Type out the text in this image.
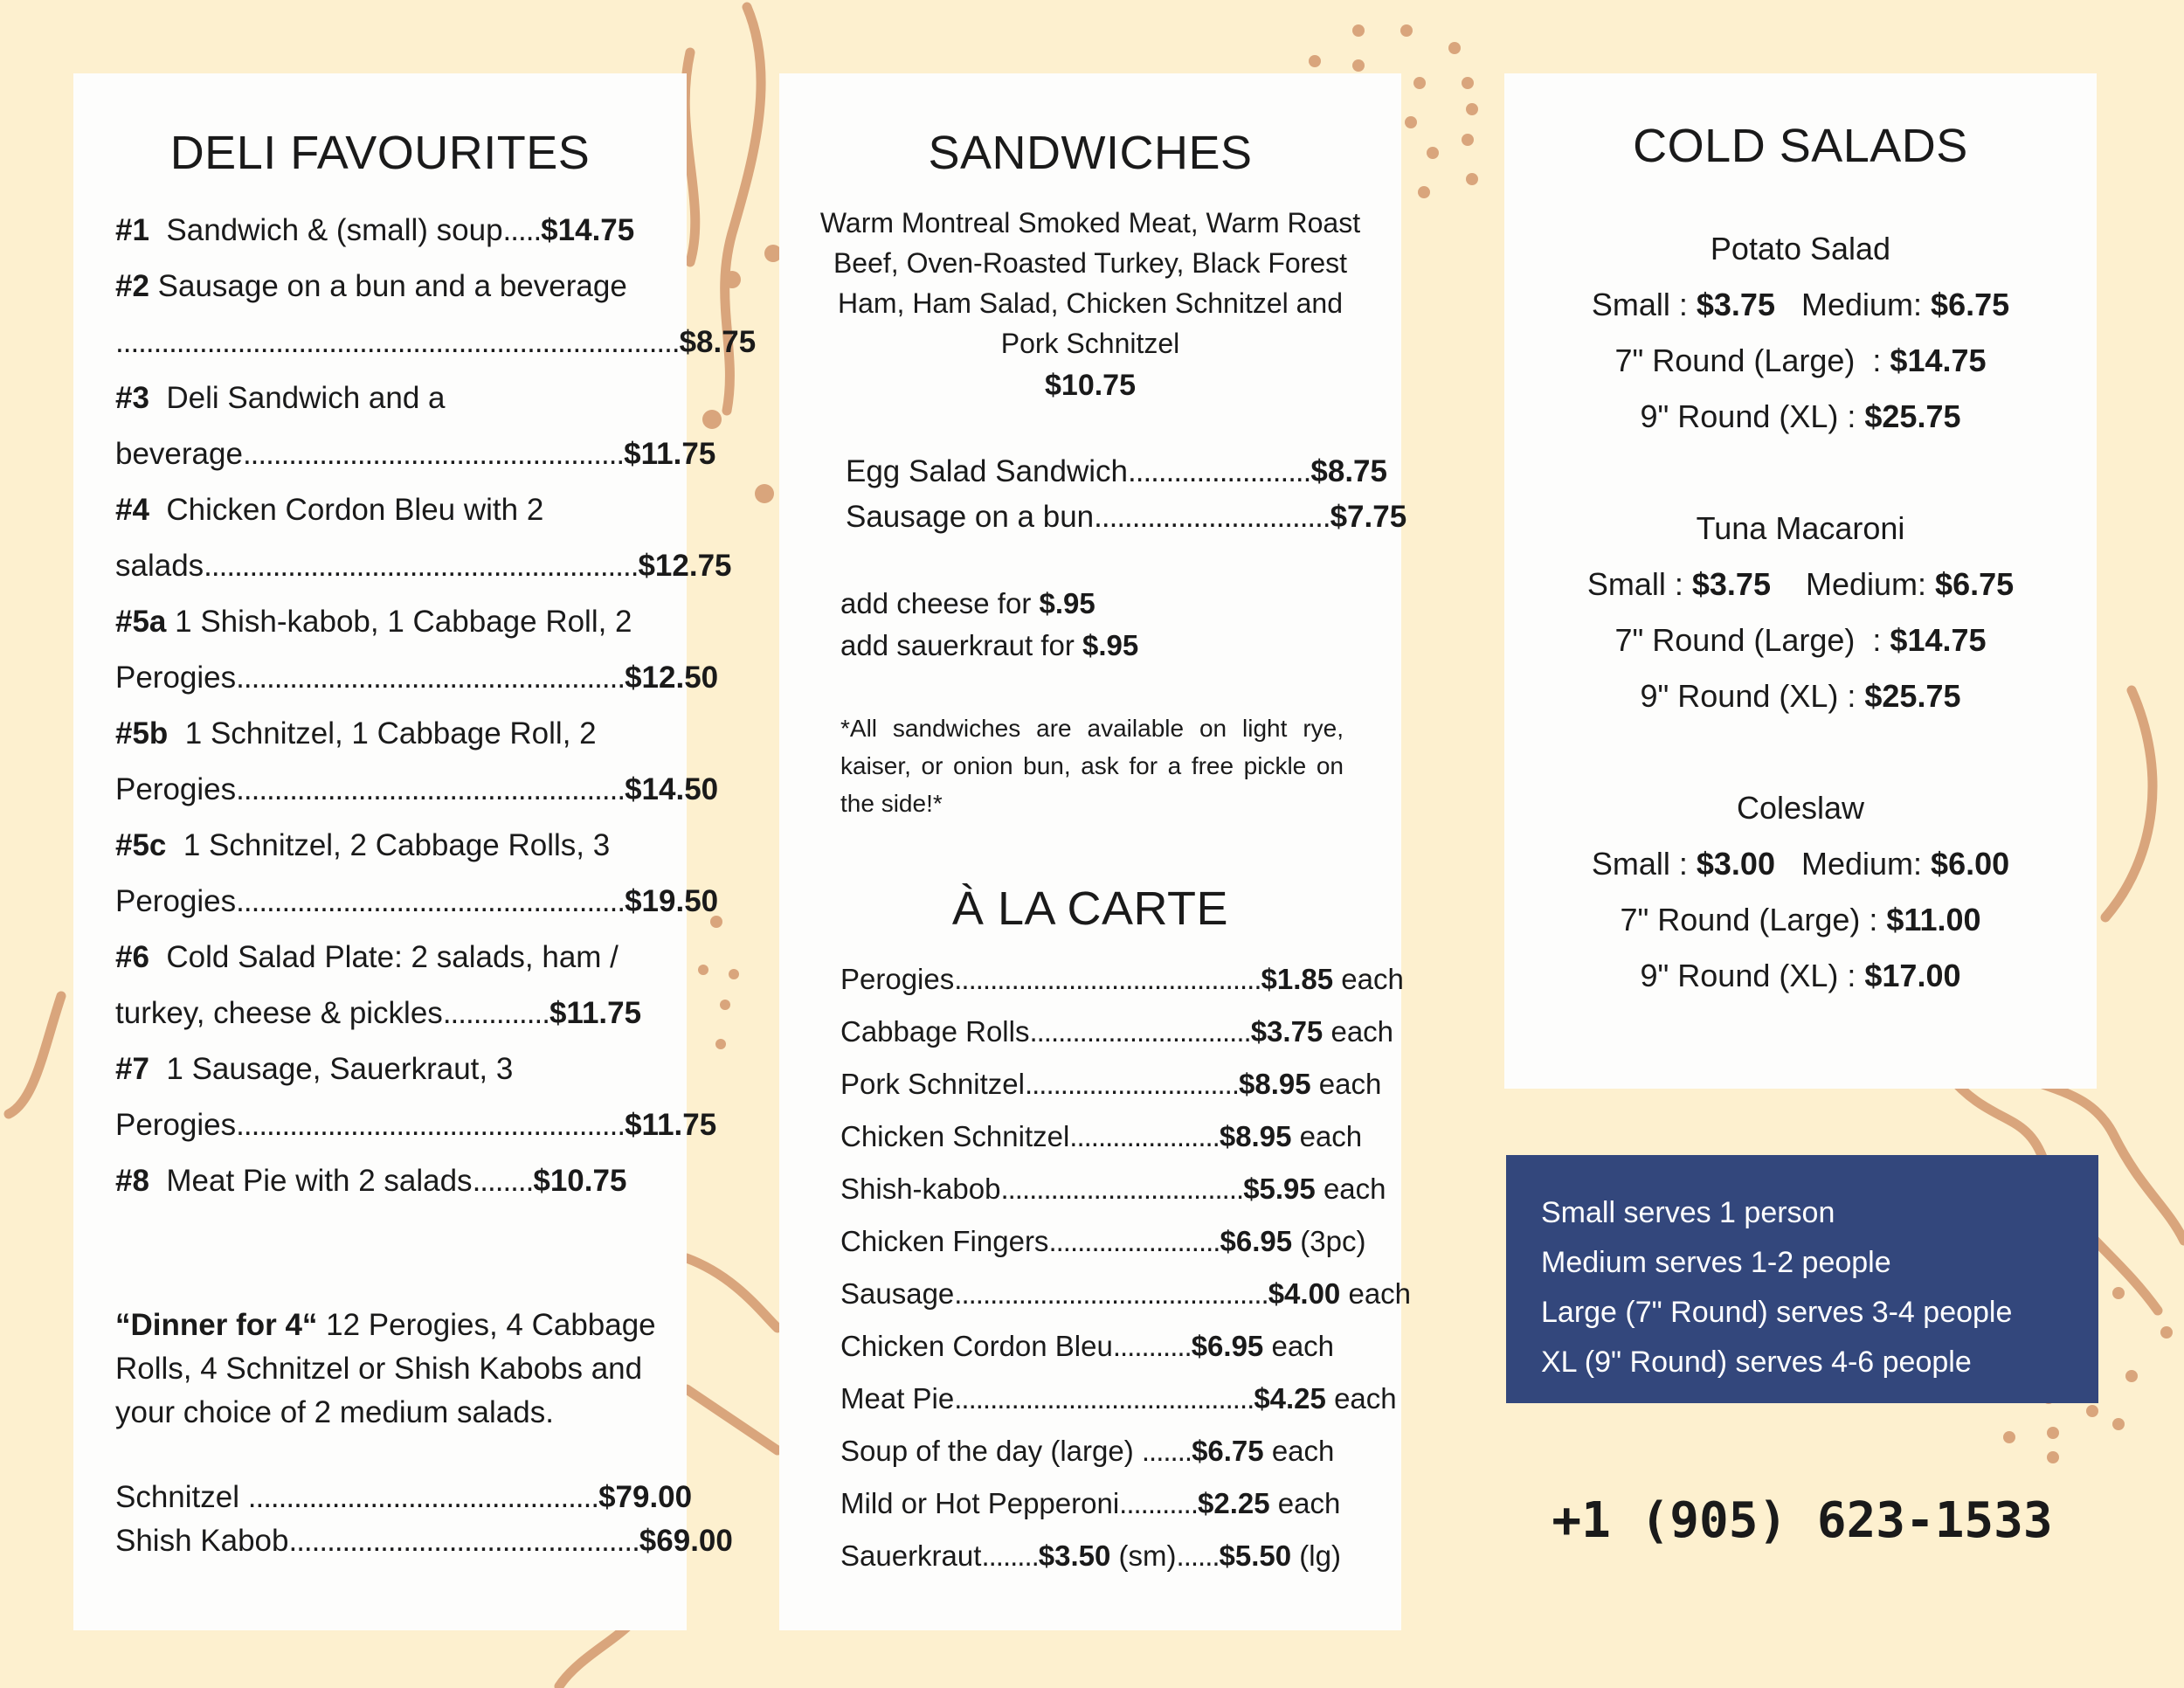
DELI FAVOURITES
#1  Sandwich & (small) soup.....$14.75
#2 Sausage on a bun and a beverage
..........................................................................$8.75
#3  Deli Sandwich and a
beverage..................................................$11.75
#4  Chicken Cordon Bleu with 2
salads.........................................................$12.75
#5a 1 Shish-kabob, 1 Cabbage Roll, 2
Perogies...................................................$12.50
#5b  1 Schnitzel, 1 Cabbage Roll, 2
Perogies...................................................$14.50
#5c  1 Schnitzel, 2 Cabbage Rolls, 3
Perogies...................................................$19.50
#6  Cold Salad Plate: 2 salads, ham /
turkey, cheese & pickles..............$11.75
#7  1 Sausage, Sauerkraut, 3
Perogies...................................................$11.75
#8  Meat Pie with 2 salads........$10.75
“Dinner for 4“ 12 Perogies, 4 Cabbage Rolls, 4 Schnitzel or Shish Kabobs and your choice of 2 medium salads.
Schnitzel ..............................................$79.00
Shish Kabob..............................................$69.00
SANDWICHES
Warm Montreal Smoked Meat, Warm Roast Beef, Oven-Roasted Turkey, Black Forest Ham, Ham Salad, Chicken Schnitzel and Pork Schnitzel
$10.75
Egg Salad Sandwich........................$8.75
Sausage on a bun...............................$7.75
add cheese for $.95
add sauerkraut for $.95
*All sandwiches are available on light rye, kaiser, or onion bun, ask for a free pickle on the side!*
À LA CARTE
Perogies...........................................$1.85 each
Cabbage Rolls...............................$3.75 each
Pork Schnitzel..............................$8.95 each
Chicken Schnitzel.....................$8.95 each
Shish-kabob..................................$5.95 each
Chicken Fingers........................$6.95 (3pc)
Sausage............................................$4.00 each
Chicken Cordon Bleu...........$6.95 each
Meat Pie..........................................$4.25 each
Soup of the day (large) .......$6.75 each
Mild or Hot Pepperoni...........$2.25 each
Sauerkraut........$3.50 (sm)......$5.50 (lg)
COLD SALADS
Potato Salad
Small : $3.75   Medium: $6.75
7" Round (Large)  : $14.75
9" Round (XL) : $25.75
Tuna Macaroni
Small : $3.75    Medium: $6.75
7" Round (Large)  : $14.75
9" Round (XL) : $25.75
Coleslaw
Small : $3.00   Medium: $6.00
7" Round (Large) : $11.00
9" Round (XL) : $17.00
Small serves 1 person
Medium serves 1-2 people
Large (7" Round) serves 3-4 people
XL (9" Round) serves 4-6 people
+1 (905) 623-1533
